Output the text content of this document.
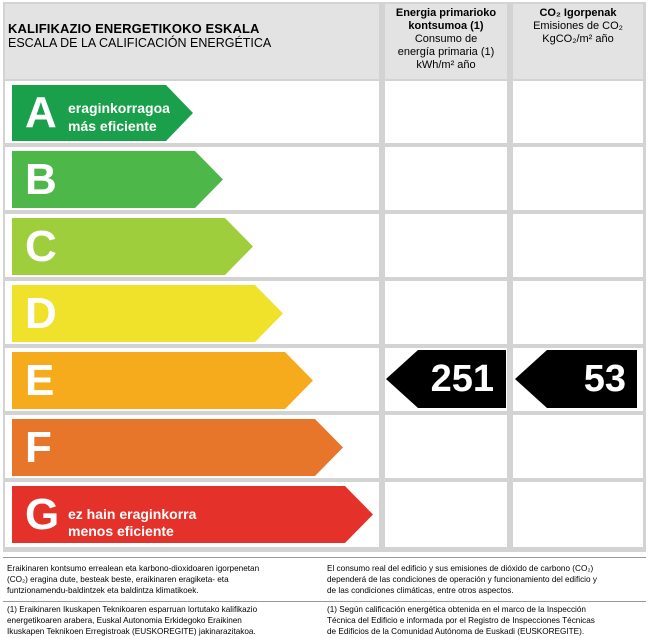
KALIFIKAZIO ENERGETIKOKO ESKALA
ESCALA DE LA CALIFICACIÓN ENERGÉTICA
Energia primarioko
kontsumoa (1)
Consumo de
energía primaria (1)
kWh/m² año
CO₂ Igorpenak
Emisiones de CO₂
KgCO₂/m² año
A eraginkorragoa
más eficiente
B
C
D
E
F
G ez hain eraginkorra
menos eficiente
251	53
Eraikinaren kontsumo errealean eta karbono-dioxidoaren igorpenetan
(CO₂) eragina dute, besteak beste, eraikinaren eragiketa- eta
funtzionamendu-baldintzek eta baldintza klimatikoek.
El consumo real del edificio y sus emisiones de dióxido de carbono (CO₂)
dependerá de las condiciones de operación y funcionamiento del edificio y
de las condiciones climáticas, entre otros aspectos.
(1) Eraikinaren Ikuskapen Teknikoaren esparruan lortutako kalifikazio
energetikoaren arabera, Euskal Autonomia Erkidegoko Eraikinen
Ikuskapen Teknikoen Erregistroak (EUSKOREGITE) jakinarazitakoa.
(1) Según calificación energética obtenida en el marco de la Inspección
Técnica del Edificio e informada por el Registro de Inspecciones Técnicas
de Edificios de la Comunidad Autónoma de Euskadi (EUSKOREGITE).
